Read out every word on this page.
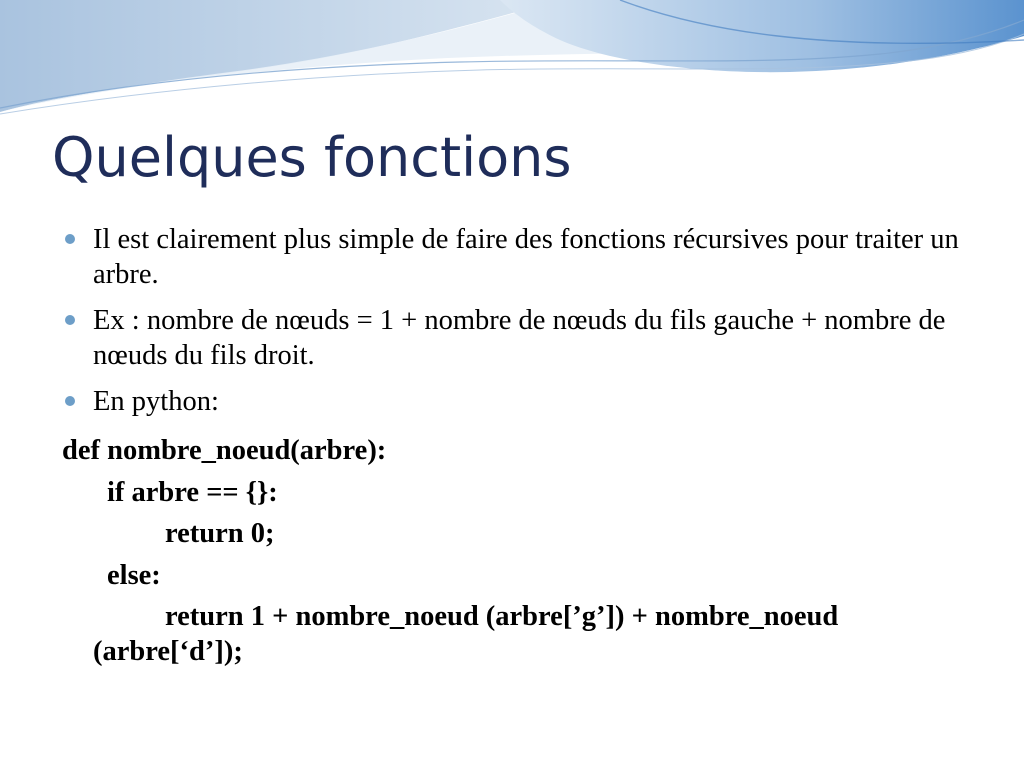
Quelques fonctions
Il est clairement plus simple de faire des fonctions récursives pour traiter un arbre.
Ex : nombre de nœuds = 1 + nombre de nœuds du fils gauche + nombre de nœuds du fils droit.
En python:
def nombre_noeud(arbre):
if arbre == {}:
return 0;
else:
return 1 + nombre_noeud (arbre[’g’]) + nombre_noeud
(arbre[‘d’]);
